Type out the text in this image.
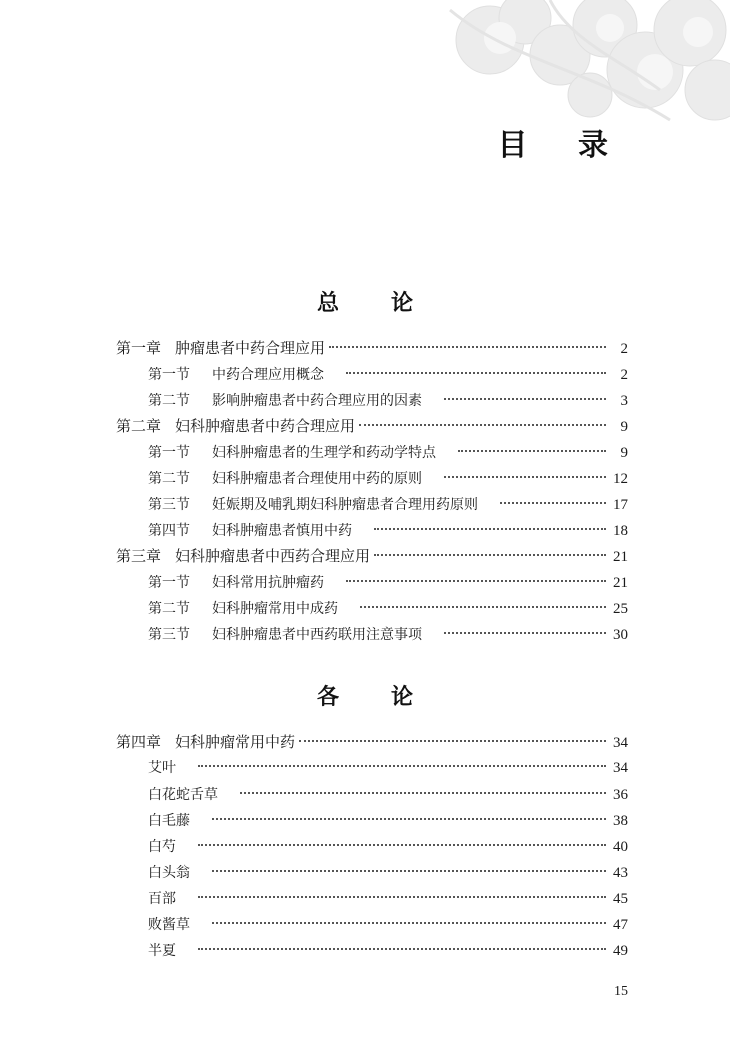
目 录
总论
第一章 肿瘤患者中药合理应用	2
第一节 中药合理应用概念	2
第二节 影响肿瘤患者中药合理应用的因素	3
第二章 妇科肿瘤患者中药合理应用	9
第一节 妇科肿瘤患者的生理学和药动学特点	9
第二节 妇科肿瘤患者合理使用中药的原则	12
第三节 妊娠期及哺乳期妇科肿瘤患者合理用药原则	17
第四节 妇科肿瘤患者慎用中药	18
第三章 妇科肿瘤患者中西药合理应用	21
第一节 妇科常用抗肿瘤药	21
第二节 妇科肿瘤常用中成药	25
第三节 妇科肿瘤患者中西药联用注意事项	30
各论
第四章 妇科肿瘤常用中药	34
艾叶	34
白花蛇舌草	36
白毛藤	38
白芍	40
白头翁	43
百部	45
败酱草	47
半夏	49

15
